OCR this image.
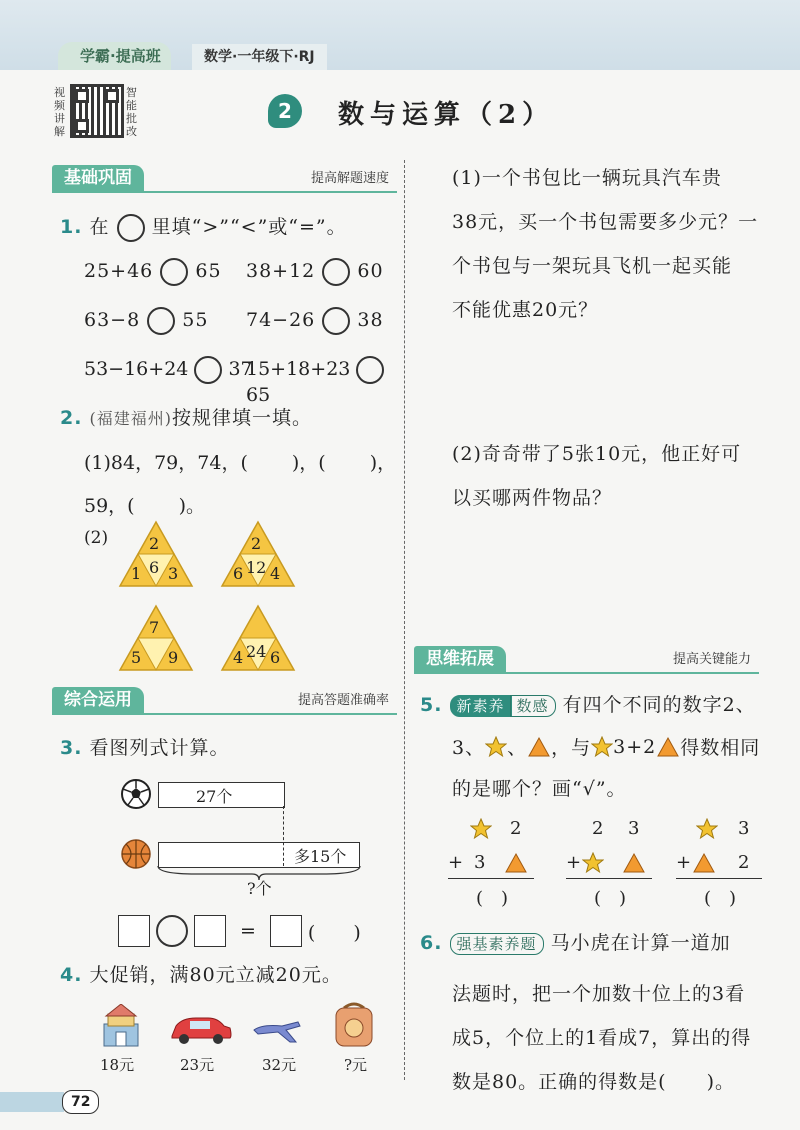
学霸·提高班	数学·一年级下·RJ
视频讲解
智能批改
2	数与运算（2）
基础巩固	提高解题速度
1. 在 里填“>”“<”或“=”。
25+46 65 38+12 60
63−8 55 74−26 38
53−16+24 37
15+18+23  65
2. (福建福州)按规律填一填。
(1)84，79，74，( )，( )，
59，( )。
(2)	2
1 6 3
2
6 12 4
7
5 9	4 24 6
综合运用	提高答题准确率
3. 看图列式计算。
27个
多15个
?个
=	(　　)
4. 大促销，满80元立减20元。
18元	23元	32元	?元
(1)一个书包比一辆玩具汽车贵
38元，买一个书包需要多少元？一
个书包与一架玩具飞机一起买能
不能优惠20元？
(2)奇奇带了5张10元，他正好可
以买哪两件物品？
思维拓展	提高关键能力
5. 新素养 数感 有四个不同的数字2、
3、 、 ，与 3+2 得数相同
的是哪个？画“√”。
2
+ 3
(　)
2 3
+
(　)
3
+	2
(　)
6. 强基素养题 马小虎在计算一道加
法题时，把一个加数十位上的3看
成5，个位上的1看成7，算出的得
数是80。正确的得数是(　　)。
72
